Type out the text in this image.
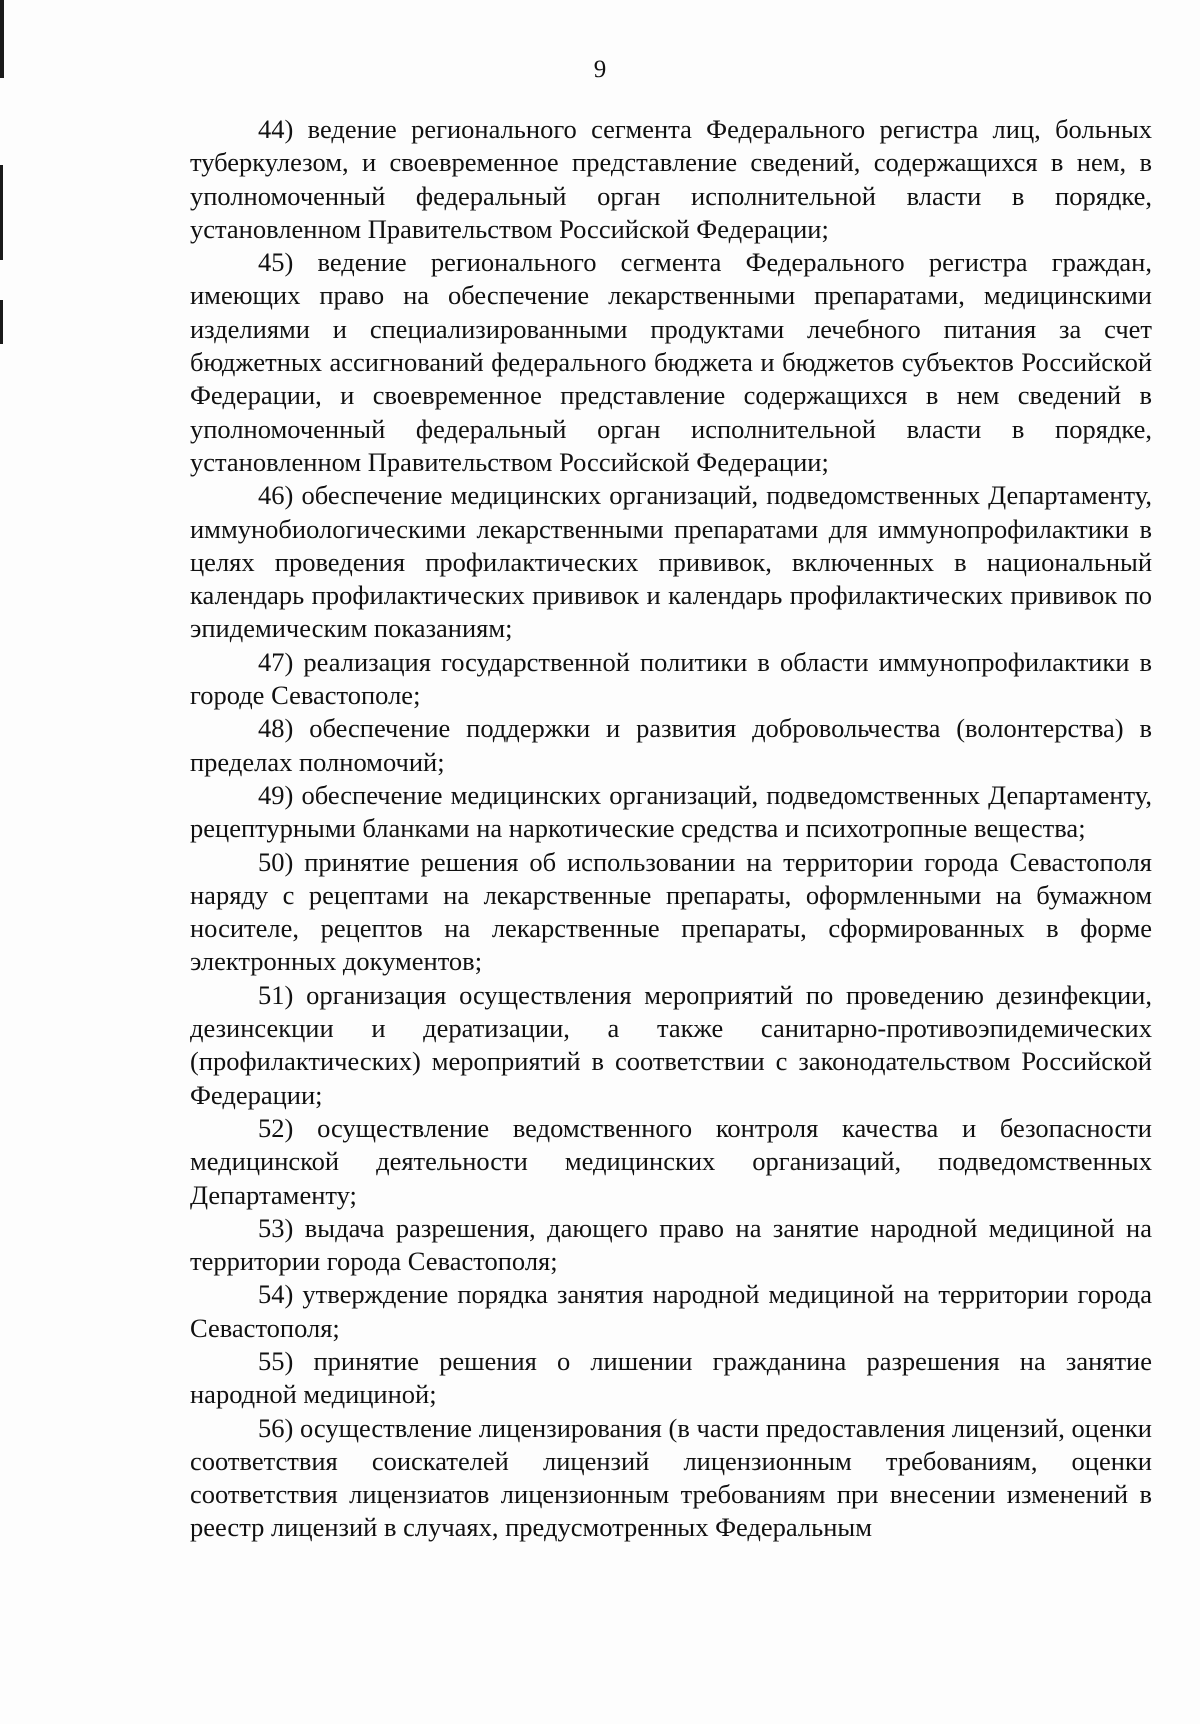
9

44) ведение регионального сегмента Федерального регистра лиц, больных туберкулезом, и своевременное представление сведений, содержащихся в нем, в уполномоченный федеральный орган исполнительной власти в порядке, установленном Правительством Российской Федерации;

45) ведение регионального сегмента Федерального регистра граждан, имеющих право на обеспечение лекарственными препаратами, медицинскими изделиями и специализированными продуктами лечебного питания за счет бюджетных ассигнований федерального бюджета и бюджетов субъектов Российской Федерации, и своевременное представление содержащихся в нем сведений в уполномоченный федеральный орган исполнительной власти в порядке, установленном Правительством Российской Федерации;

46) обеспечение медицинских организаций, подведомственных Департаменту, иммунобиологическими лекарственными препаратами для иммунопрофилактики в целях проведения профилактических прививок, включенных в национальный календарь профилактических прививок и календарь профилактических прививок по эпидемическим показаниям;

47) реализация государственной политики в области иммунопрофилактики в городе Севастополе;

48) обеспечение поддержки и развития добровольчества (волонтерства) в пределах полномочий;

49) обеспечение медицинских организаций, подведомственных Департаменту, рецептурными бланками на наркотические средства и психотропные вещества;

50) принятие решения об использовании на территории города Севастополя наряду с рецептами на лекарственные препараты, оформленными на бумажном носителе, рецептов на лекарственные препараты, сформированных в форме электронных документов;

51) организация осуществления мероприятий по проведению дезинфекции, дезинсекции и дератизации, а также санитарно-противоэпидемических (профилактических) мероприятий в соответствии с законодательством Российской Федерации;

52) осуществление ведомственного контроля качества и безопасности медицинской деятельности медицинских организаций, подведомственных Департаменту;

53) выдача разрешения, дающего право на занятие народной медициной на территории города Севастополя;

54) утверждение порядка занятия народной медициной на территории города Севастополя;

55) принятие решения о лишении гражданина разрешения на занятие народной медициной;

56) осуществление лицензирования (в части предоставления лицензий, оценки соответствия соискателей лицензий лицензионным требованиям, оценки соответствия лицензиатов лицензионным требованиям при внесении изменений в реестр лицензий в случаях, предусмотренных Федеральным
